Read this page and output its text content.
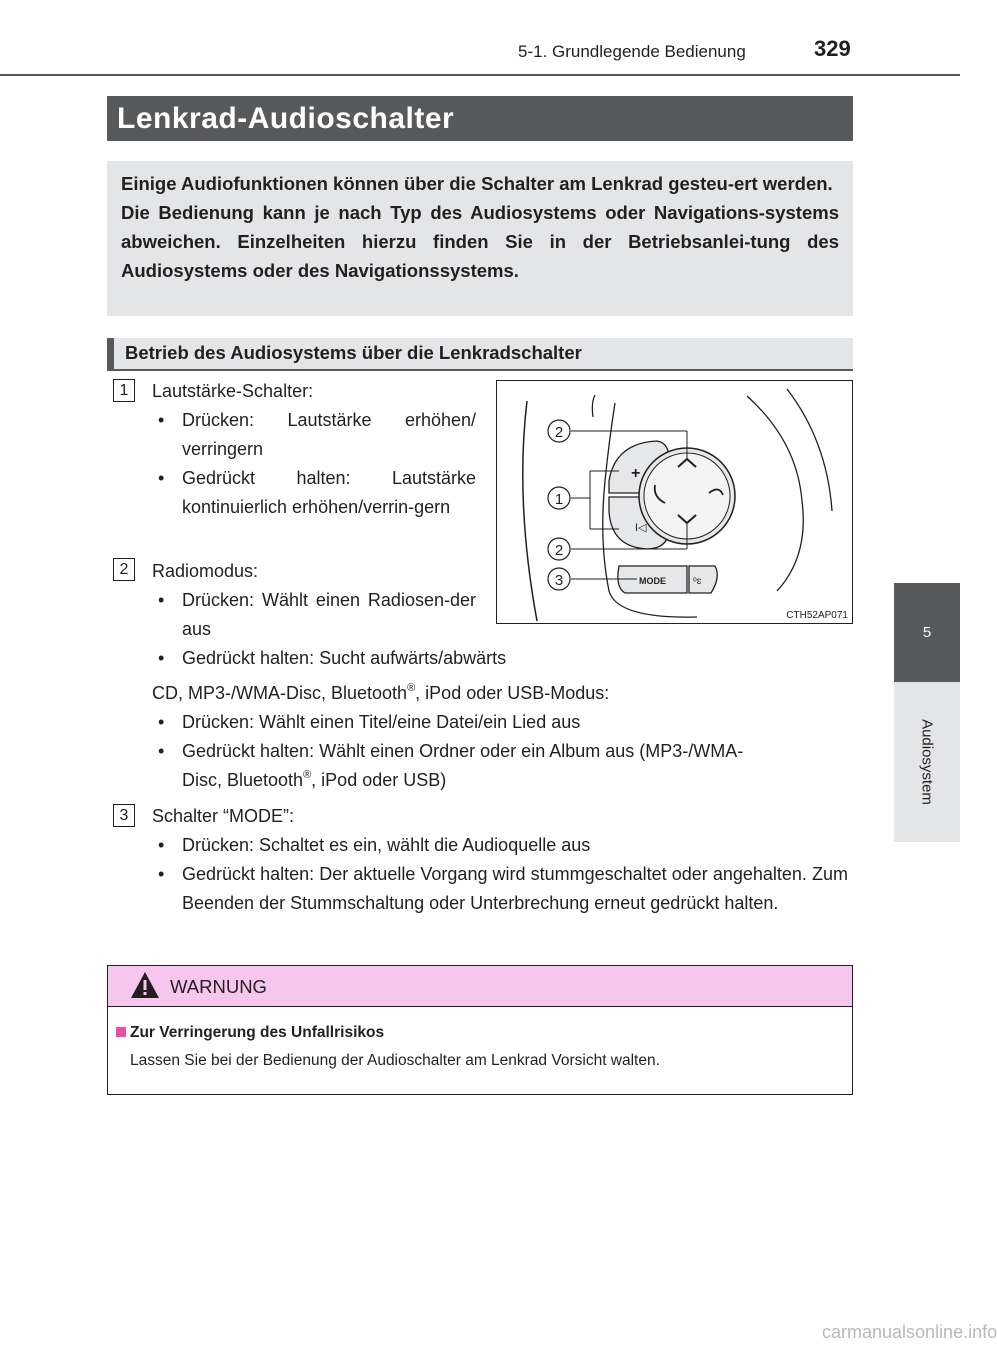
5-1. Grundlegende Bedienung	329
5
Audiosystem
Lenkrad-Audioschalter

Einige Audiofunktionen können über die Schalter am Lenkrad gesteu-ert werden.

Die Bedienung kann je nach Typ des Audiosystems oder Navigations-systems abweichen. Einzelheiten hierzu finden Sie in der Betriebsanlei-tung des Audiosystems oder des Navigationssystems.

Betrieb des Audiosystems über die Lenkradschalter
1	Lautstärke-Schalter:
• Drücken: Lautstärke erhöhen/ verringern
• Gedrückt halten: Lautstärke kontinuierlich erhöhen/verrin-gern
2	Radiomodus:
• Drücken: Wählt einen Radiosen-der aus
• Gedrückt halten: Sucht aufwärts/abwärts
CD, MP3-/WMA-Disc, Bluetooth®, iPod oder USB-Modus:
• Drücken: Wählt einen Titel/eine Datei/ein Lied aus
• Gedrückt halten: Wählt einen Ordner oder ein Album aus (MP3-/WMA-
Disc, Bluetooth®, iPod oder USB)
3	Schalter “MODE”:
• Drücken: Schaltet es ein, wählt die Audioquelle aus
• Gedrückt halten: Der aktuelle Vorgang wird stummgeschaltet oder angehalten. Zum Beenden der Stummschaltung oder Unterbrechung erneut gedrückt halten.
+
I◁
MODE	ᵒɛ
2
1
2
3
CTH52AP071
WARNUNG
Zur Verringerung des Unfallrisikos
Lassen Sie bei der Bedienung der Audioschalter am Lenkrad Vorsicht walten.
carmanualsonline.info
